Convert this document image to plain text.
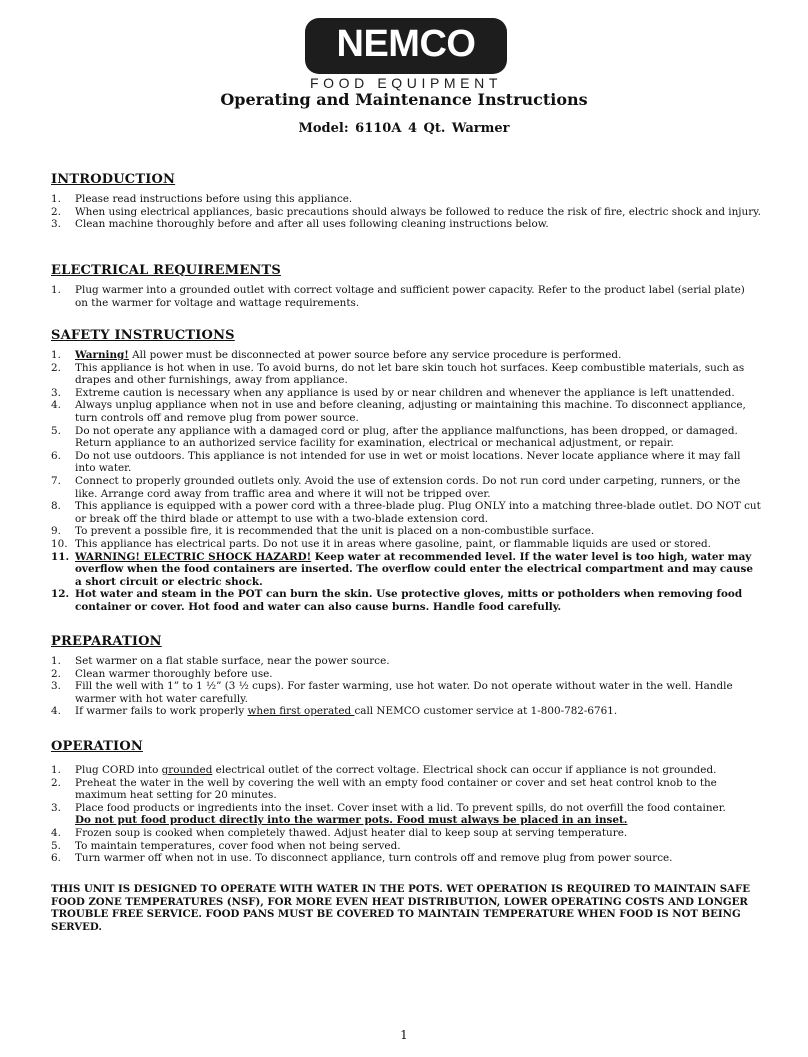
NEMCO
FOOD EQUIPMENT
Operating and Maintenance Instructions
Model: 6110A 4 Qt. Warmer
INTRODUCTION
1. Please read instructions before using this appliance.
2. When using electrical appliances, basic precautions should always be followed to reduce the risk of fire, electric shock and injury.
3. Clean machine thoroughly before and after all uses following cleaning instructions below.
ELECTRICAL REQUIREMENTS
1. Plug warmer into a grounded outlet with correct voltage and sufficient power capacity. Refer to the product label (serial plate) on the warmer for voltage and wattage requirements.
SAFETY INSTRUCTIONS
1. Warning! All power must be disconnected at power source before any service procedure is performed.
2. This appliance is hot when in use. To avoid burns, do not let bare skin touch hot surfaces. Keep combustible materials, such as drapes and other furnishings, away from appliance.
3. Extreme caution is necessary when any appliance is used by or near children and whenever the appliance is left unattended.
4. Always unplug appliance when not in use and before cleaning, adjusting or maintaining this machine. To disconnect appliance, turn controls off and remove plug from power source.
5. Do not operate any appliance with a damaged cord or plug, after the appliance malfunctions, has been dropped, or damaged. Return appliance to an authorized service facility for examination, electrical or mechanical adjustment, or repair.
6. Do not use outdoors. This appliance is not intended for use in wet or moist locations. Never locate appliance where it may fall into water.
7. Connect to properly grounded outlets only. Avoid the use of extension cords. Do not run cord under carpeting, runners, or the like. Arrange cord away from traffic area and where it will not be tripped over.
8. This appliance is equipped with a power cord with a three-blade plug. Plug ONLY into a matching three-blade outlet. DO NOT cut or break off the third blade or attempt to use with a two-blade extension cord.
9. To prevent a possible fire, it is recommended that the unit is placed on a non-combustible surface.
10. This appliance has electrical parts. Do not use it in areas where gasoline, paint, or flammable liquids are used or stored.
11. WARNING! ELECTRIC SHOCK HAZARD! Keep water at recommended level. If the water level is too high, water may overflow when the food containers are inserted. The overflow could enter the electrical compartment and may cause a short circuit or electric shock.
12. Hot water and steam in the POT can burn the skin. Use protective gloves, mitts or potholders when removing food container or cover. Hot food and water can also cause burns. Handle food carefully.
PREPARATION
1. Set warmer on a flat stable surface, near the power source.
2. Clean warmer thoroughly before use.
3. Fill the well with 1” to 1 ½” (3 ½ cups). For faster warming, use hot water. Do not operate without water in the well. Handle warmer with hot water carefully.
4. If warmer fails to work properly when first operated call NEMCO customer service at 1-800-782-6761.
OPERATION
1. Plug CORD into grounded electrical outlet of the correct voltage. Electrical shock can occur if appliance is not grounded.
2. Preheat the water in the well by covering the well with an empty food container or cover and set heat control knob to the maximum heat setting for 20 minutes.
3. Place food products or ingredients into the inset. Cover inset with a lid. To prevent spills, do not overfill the food container.
Do not put food product directly into the warmer pots. Food must always be placed in an inset.
4. Frozen soup is cooked when completely thawed. Adjust heater dial to keep soup at serving temperature.
5. To maintain temperatures, cover food when not being served.
6. Turn warmer off when not in use. To disconnect appliance, turn controls off and remove plug from power source.
THIS UNIT IS DESIGNED TO OPERATE WITH WATER IN THE POTS. WET OPERATION IS REQUIRED TO MAINTAIN SAFE FOOD ZONE TEMPERATURES (NSF), FOR MORE EVEN HEAT DISTRIBUTION, LOWER OPERATING COSTS AND LONGER TROUBLE FREE SERVICE. FOOD PANS MUST BE COVERED TO MAINTAIN TEMPERATURE WHEN FOOD IS NOT BEING SERVED.
1
